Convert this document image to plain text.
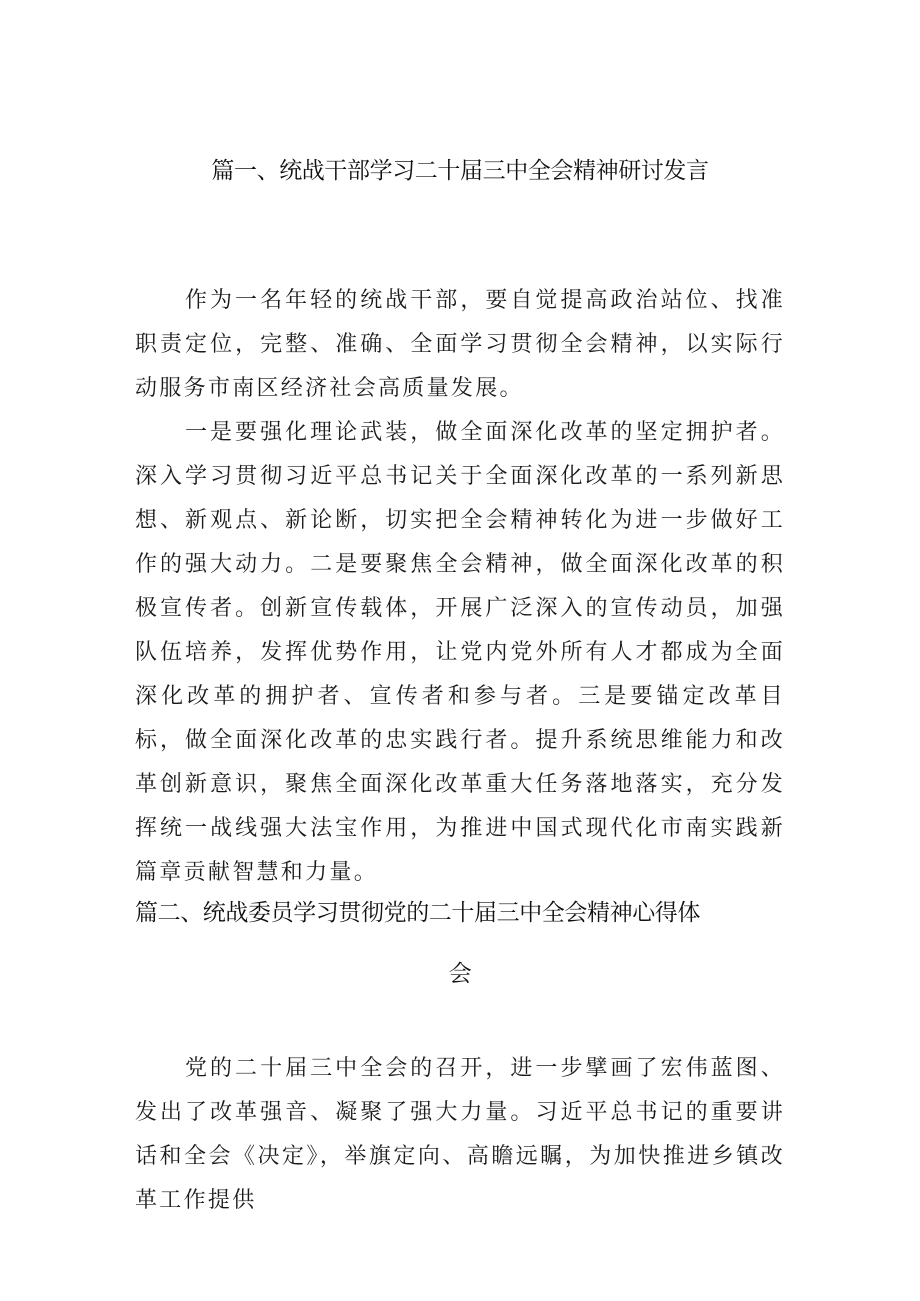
篇一、统战干部学习二十届三中全会精神研讨发言

作为一名年轻的统战干部，要自觉提高政治站位、找准职责定位，完整、准确、全面学习贯彻全会精神，以实际行动服务市南区经济社会高质量发展。

一是要强化理论武装，做全面深化改革的坚定拥护者。深入学习贯彻习近平总书记关于全面深化改革的一系列新思想、新观点、新论断，切实把全会精神转化为进一步做好工作的强大动力。二是要聚焦全会精神，做全面深化改革的积极宣传者。创新宣传载体，开展广泛深入的宣传动员，加强队伍培养，发挥优势作用，让党内党外所有人才都成为全面深化改革的拥护者、宣传者和参与者。三是要锚定改革目标，做全面深化改革的忠实践行者。提升系统思维能力和改革创新意识，聚焦全面深化改革重大任务落地落实，充分发挥统一战线强大法宝作用，为推进中国式现代化市南实践新篇章贡献智慧和力量。

篇二、统战委员学习贯彻党的二十届三中全会精神心得体
会

党的二十届三中全会的召开，进一步擘画了宏伟蓝图、发出了改革强音、凝聚了强大力量。习近平总书记的重要讲话和全会《决定》，举旗定向、高瞻远瞩，为加快推进乡镇改革工作提供
